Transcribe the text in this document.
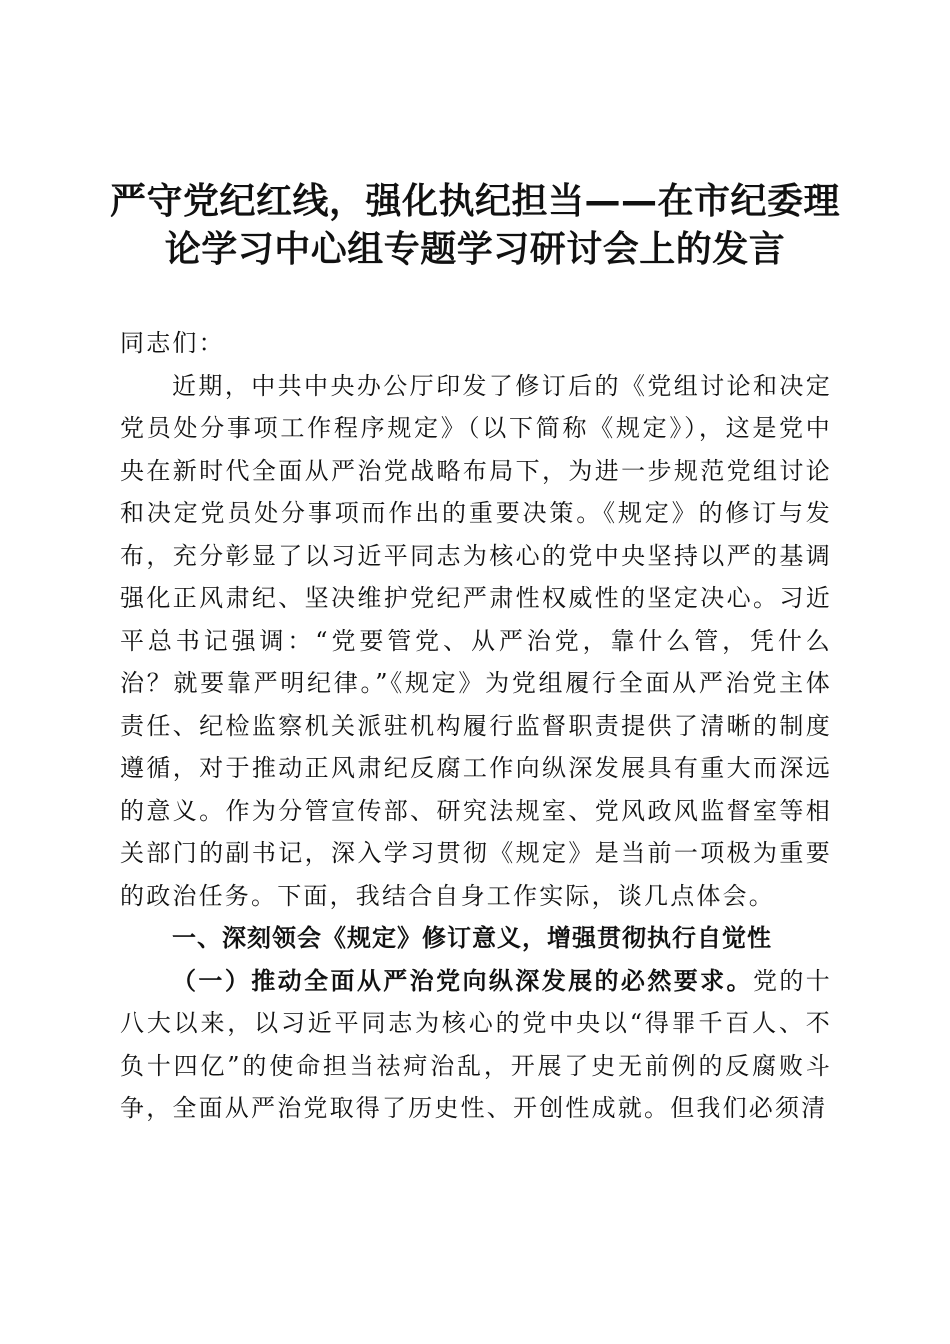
严守党纪红线，强化执纪担当——在市纪委理
论学习中心组专题学习研讨会上的发言

同志们：

近期，中共中央办公厅印发了修订后的《党组讨论和决定党员处分事项工作程序规定》（以下简称《规定》），这是党中央在新时代全面从严治党战略布局下，为进一步规范党组讨论和决定党员处分事项而作出的重要决策。《规定》的修订与发布，充分彰显了以习近平同志为核心的党中央坚持以严的基调强化正风肃纪、坚决维护党纪严肃性权威性的坚定决心。习近平总书记强调：“党要管党、从严治党，靠什么管，凭什么治？就要靠严明纪律。”《规定》为党组履行全面从严治党主体责任、纪检监察机关派驻机构履行监督职责提供了清晰的制度遵循，对于推动正风肃纪反腐工作向纵深发展具有重大而深远的意义。作为分管宣传部、研究法规室、党风政风监督室等相关部门的副书记，深入学习贯彻《规定》是当前一项极为重要的政治任务。下面，我结合自身工作实际，谈几点体会。

一、深刻领会《规定》修订意义，增强贯彻执行自觉性

（一）推动全面从严治党向纵深发展的必然要求。党的十八大以来，以习近平同志为核心的党中央以“得罪千百人、不负十四亿”的使命担当祛疴治乱，开展了史无前例的反腐败斗争，全面从严治党取得了历史性、开创性成就。但我们必须清
